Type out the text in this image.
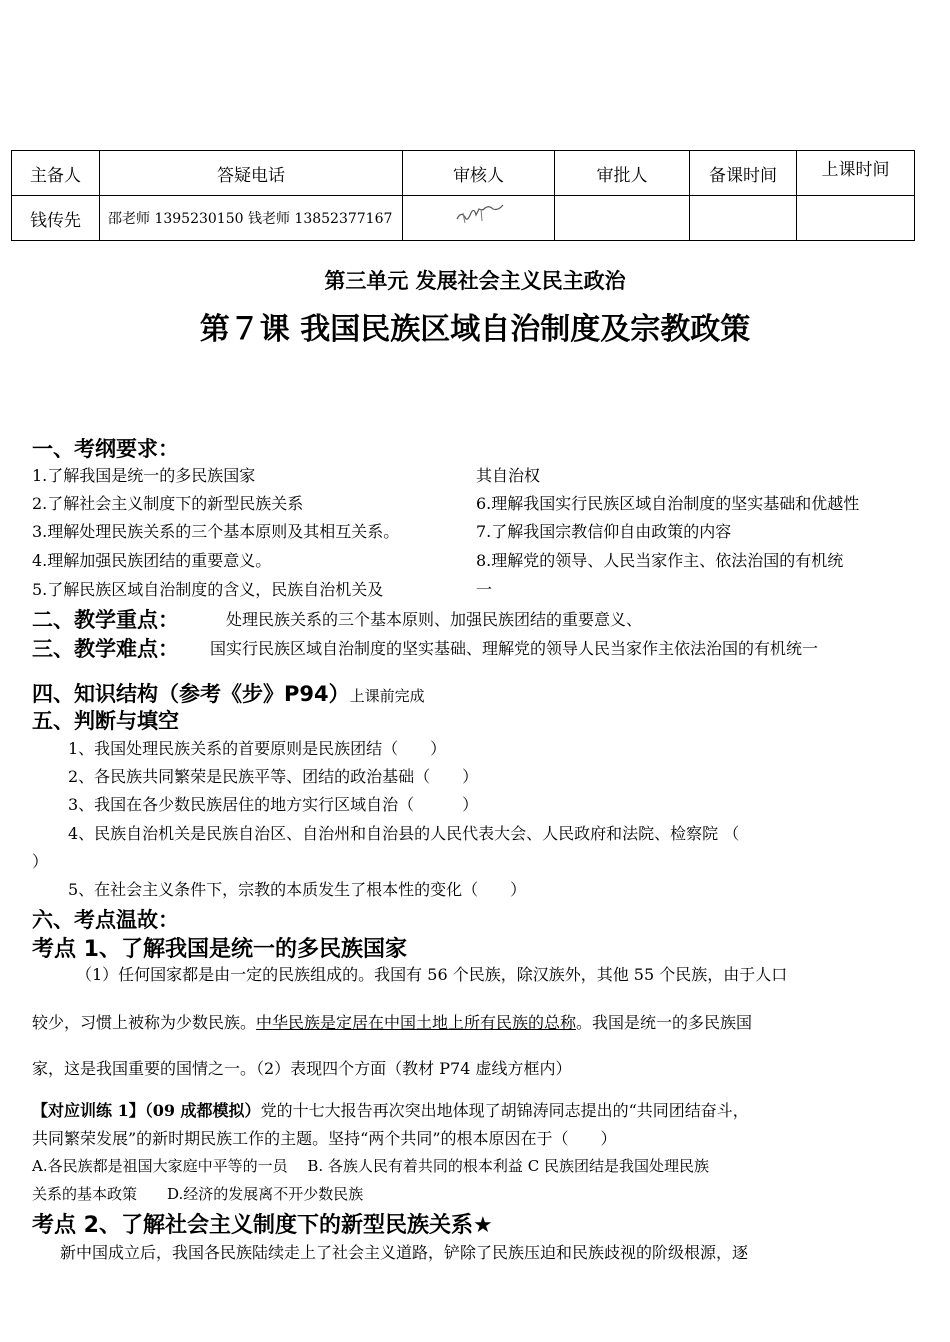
主备人	答疑电话	审核人	审批人	备课时间	上课时间
钱传先	邵老师 1395230150 钱老师 13852377167				
第三单元 发展社会主义民主政治
第７课 我国民族区域自治制度及宗教政策
一、考纲要求：
1.了解我国是统一的多民族国家
2.了解社会主义制度下的新型民族关系
3.理解处理民族关系的三个基本原则及其相互关系。
4.理解加强民族团结的重要意义。
5.了解民族区域自治制度的含义，民族自治机关及
其自治权
6.理解我国实行民族区域自治制度的坚实基础和优越性
7.了解我国宗教信仰自由政策的内容
8.理解党的领导、人民当家作主、依法治国的有机统
一
二、教学重点：	处理民族关系的三个基本原则、加强民族团结的重要意义、
三、教学难点： 国实行民族区域自治制度的坚实基础、理解党的领导人民当家作主依法治国的有机统一
四、知识结构（参考《步》P94）上课前完成
五、判断与填空
1、我国处理民族关系的首要原则是民族团结（　　）
2、各民族共同繁荣是民族平等、团结的政治基础（　　）
3、我国在各少数民族居住的地方实行区域自治（　　　）
4、民族自治机关是民族自治区、自治州和自治县的人民代表大会、人民政府和法院、检察院 （
）
5、在社会主义条件下，宗教的本质发生了根本性的变化（　　）
六、考点温故：
考点 1、了解我国是统一的多民族国家
（1）任何国家都是由一定的民族组成的。我国有 56 个民族，除汉族外，其他 55 个民族，由于人口
较少，习惯上被称为少数民族。中华民族是定居在中国土地上所有民族的总称。我国是统一的多民族国
家，这是我国重要的国情之一。（2）表现四个方面（教材 P74 虚线方框内）
【对应训练 1】（09 成都模拟）党的十七大报告再次突出地体现了胡锦涛同志提出的“共同团结奋斗，
共同繁荣发展”的新时期民族工作的主题。坚持“两个共同”的根本原因在于（　　）
A.各民族都是祖国大家庭中平等的一员　 B. 各族人民有着共同的根本利益 C 民族团结是我国处理民族
关系的基本政策　　D.经济的发展离不开少数民族
考点 2、了解社会主义制度下的新型民族关系★
新中国成立后，我国各民族陆续走上了社会主义道路，铲除了民族压迫和民族歧视的阶级根源，逐
